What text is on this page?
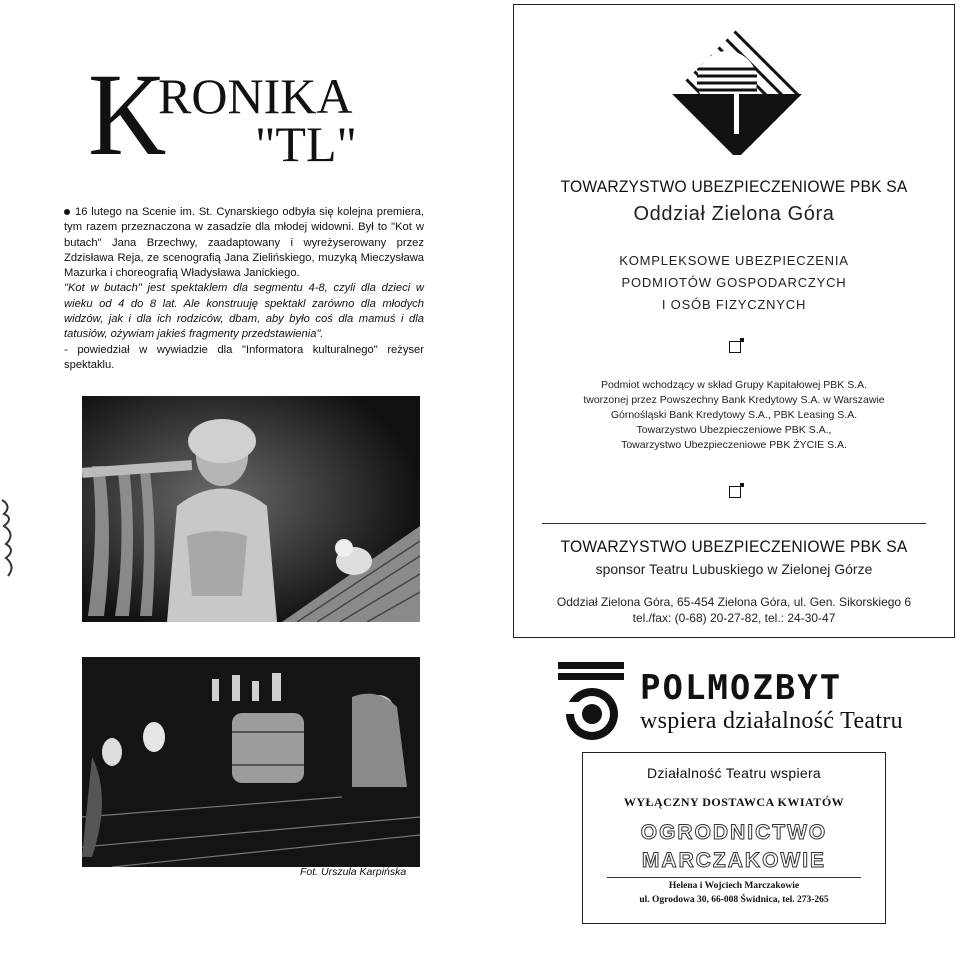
K
RONIKA
"TL"

16 lutego na Scenie im. St. Cynarskiego odbyła się kolejna premiera, tym razem przeznaczona w zasadzie dla młodej widowni. Był to "Kot w butach" Jana Brzechwy, zaadaptowany i wyreżyserowany przez Zdzisława Reja, ze scenografią Jana Zielińskiego, muzyką Mieczysława Mazurka i choreografią Władysława Janickiego.

"Kot w butach" jest spektaklem dla segmentu 4-8, czyli dla dzieci w wieku od 4 do 8 lat. Ale konstruuję spektakl zarówno dla młodych widzów, jak i dla ich rodziców, dbam, aby było coś dla mamuś i dla tatusiów, ożywiam jakieś fragmenty przedstawienia".

- powiedział w wywiadzie dla "Informatora kulturalnego" reżyser spektaklu.

Fot. Urszula Karpińska
TOWARZYSTWO UBEZPIECZENIOWE PBK SA
Oddział Zielona Góra
KOMPLEKSOWE UBEZPIECZENIA
PODMIOTÓW GOSPODARCZYCH
I OSÓB FIZYCZNYCH
Podmiot wchodzący w skład Grupy Kapitałowej PBK S.A.
tworzonej przez Powszechny Bank Kredytowy S.A. w Warszawie
Górnośląski Bank Kredytowy S.A., PBK Leasing S.A.
Towarzystwo Ubezpieczeniowe PBK S.A.,
Towarzystwo Ubezpieczeniowe PBK ŻYCIE S.A.
TOWARZYSTWO UBEZPIECZENIOWE PBK SA
sponsor Teatru Lubuskiego w Zielonej Górze
Oddział Zielona Góra, 65-454 Zielona Góra, ul. Gen. Sikorskiego 6
tel./fax: (0-68) 20-27-82, tel.: 24-30-47
POLMOZBYT
wspiera działalność Teatru
Działalność Teatru wspiera
WYŁĄCZNY DOSTAWCA KWIATÓW
OGRODNICTWO
MARCZAKOWIE
Helena i Wojciech Marczakowie
ul. Ogrodowa 30, 66-008 Świdnica, tel. 273-265
